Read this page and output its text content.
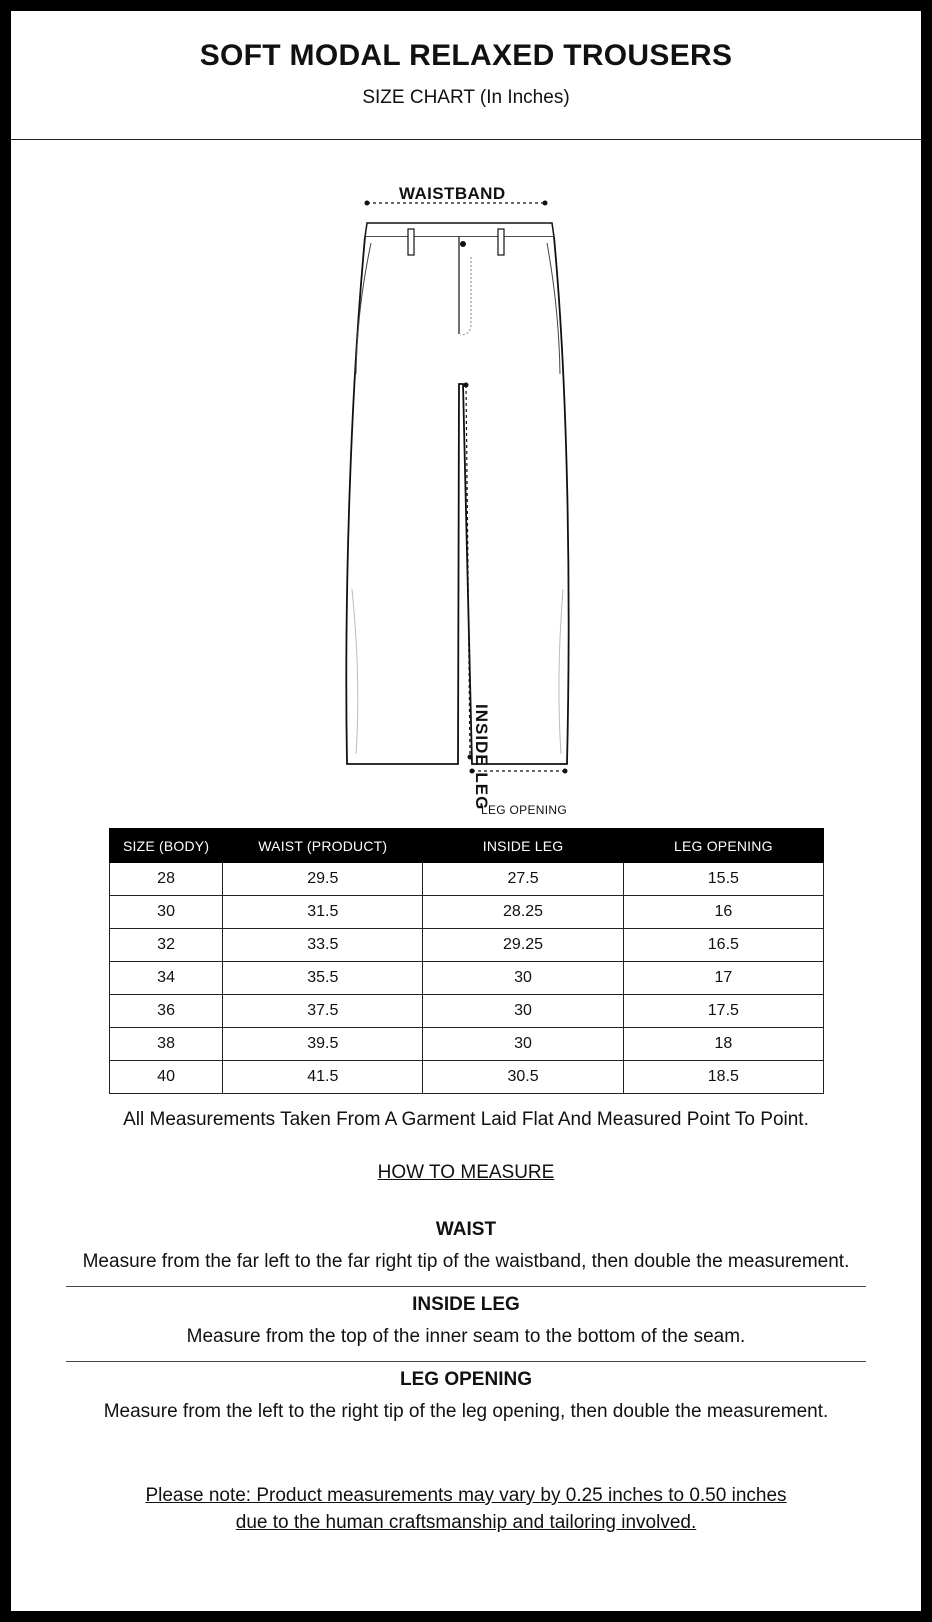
SOFT MODAL RELAXED TROUSERS
SIZE CHART (In Inches)
WAISTBAND
INSIDE LEG
LEG OPENING
SIZE (BODY)	WAIST (PRODUCT)	INSIDE LEG	LEG OPENING
28	29.5	27.5	15.5
30	31.5	28.25	16
32	33.5	29.25	16.5
34	35.5	30	17
36	37.5	30	17.5
38	39.5	30	18
40	41.5	30.5	18.5
All Measurements Taken From A Garment Laid Flat And Measured Point To Point.
HOW TO MEASURE
WAIST

Measure from the far left to the far right tip of the waistband, then double the measurement.

INSIDE LEG

Measure from the top of the inner seam to the bottom of the seam.

LEG OPENING

Measure from the left to the right tip of the leg opening, then double the measurement.

Please note: Product measurements may vary by 0.25 inches to 0.50 inches
due to the human craftsmanship and tailoring involved.
